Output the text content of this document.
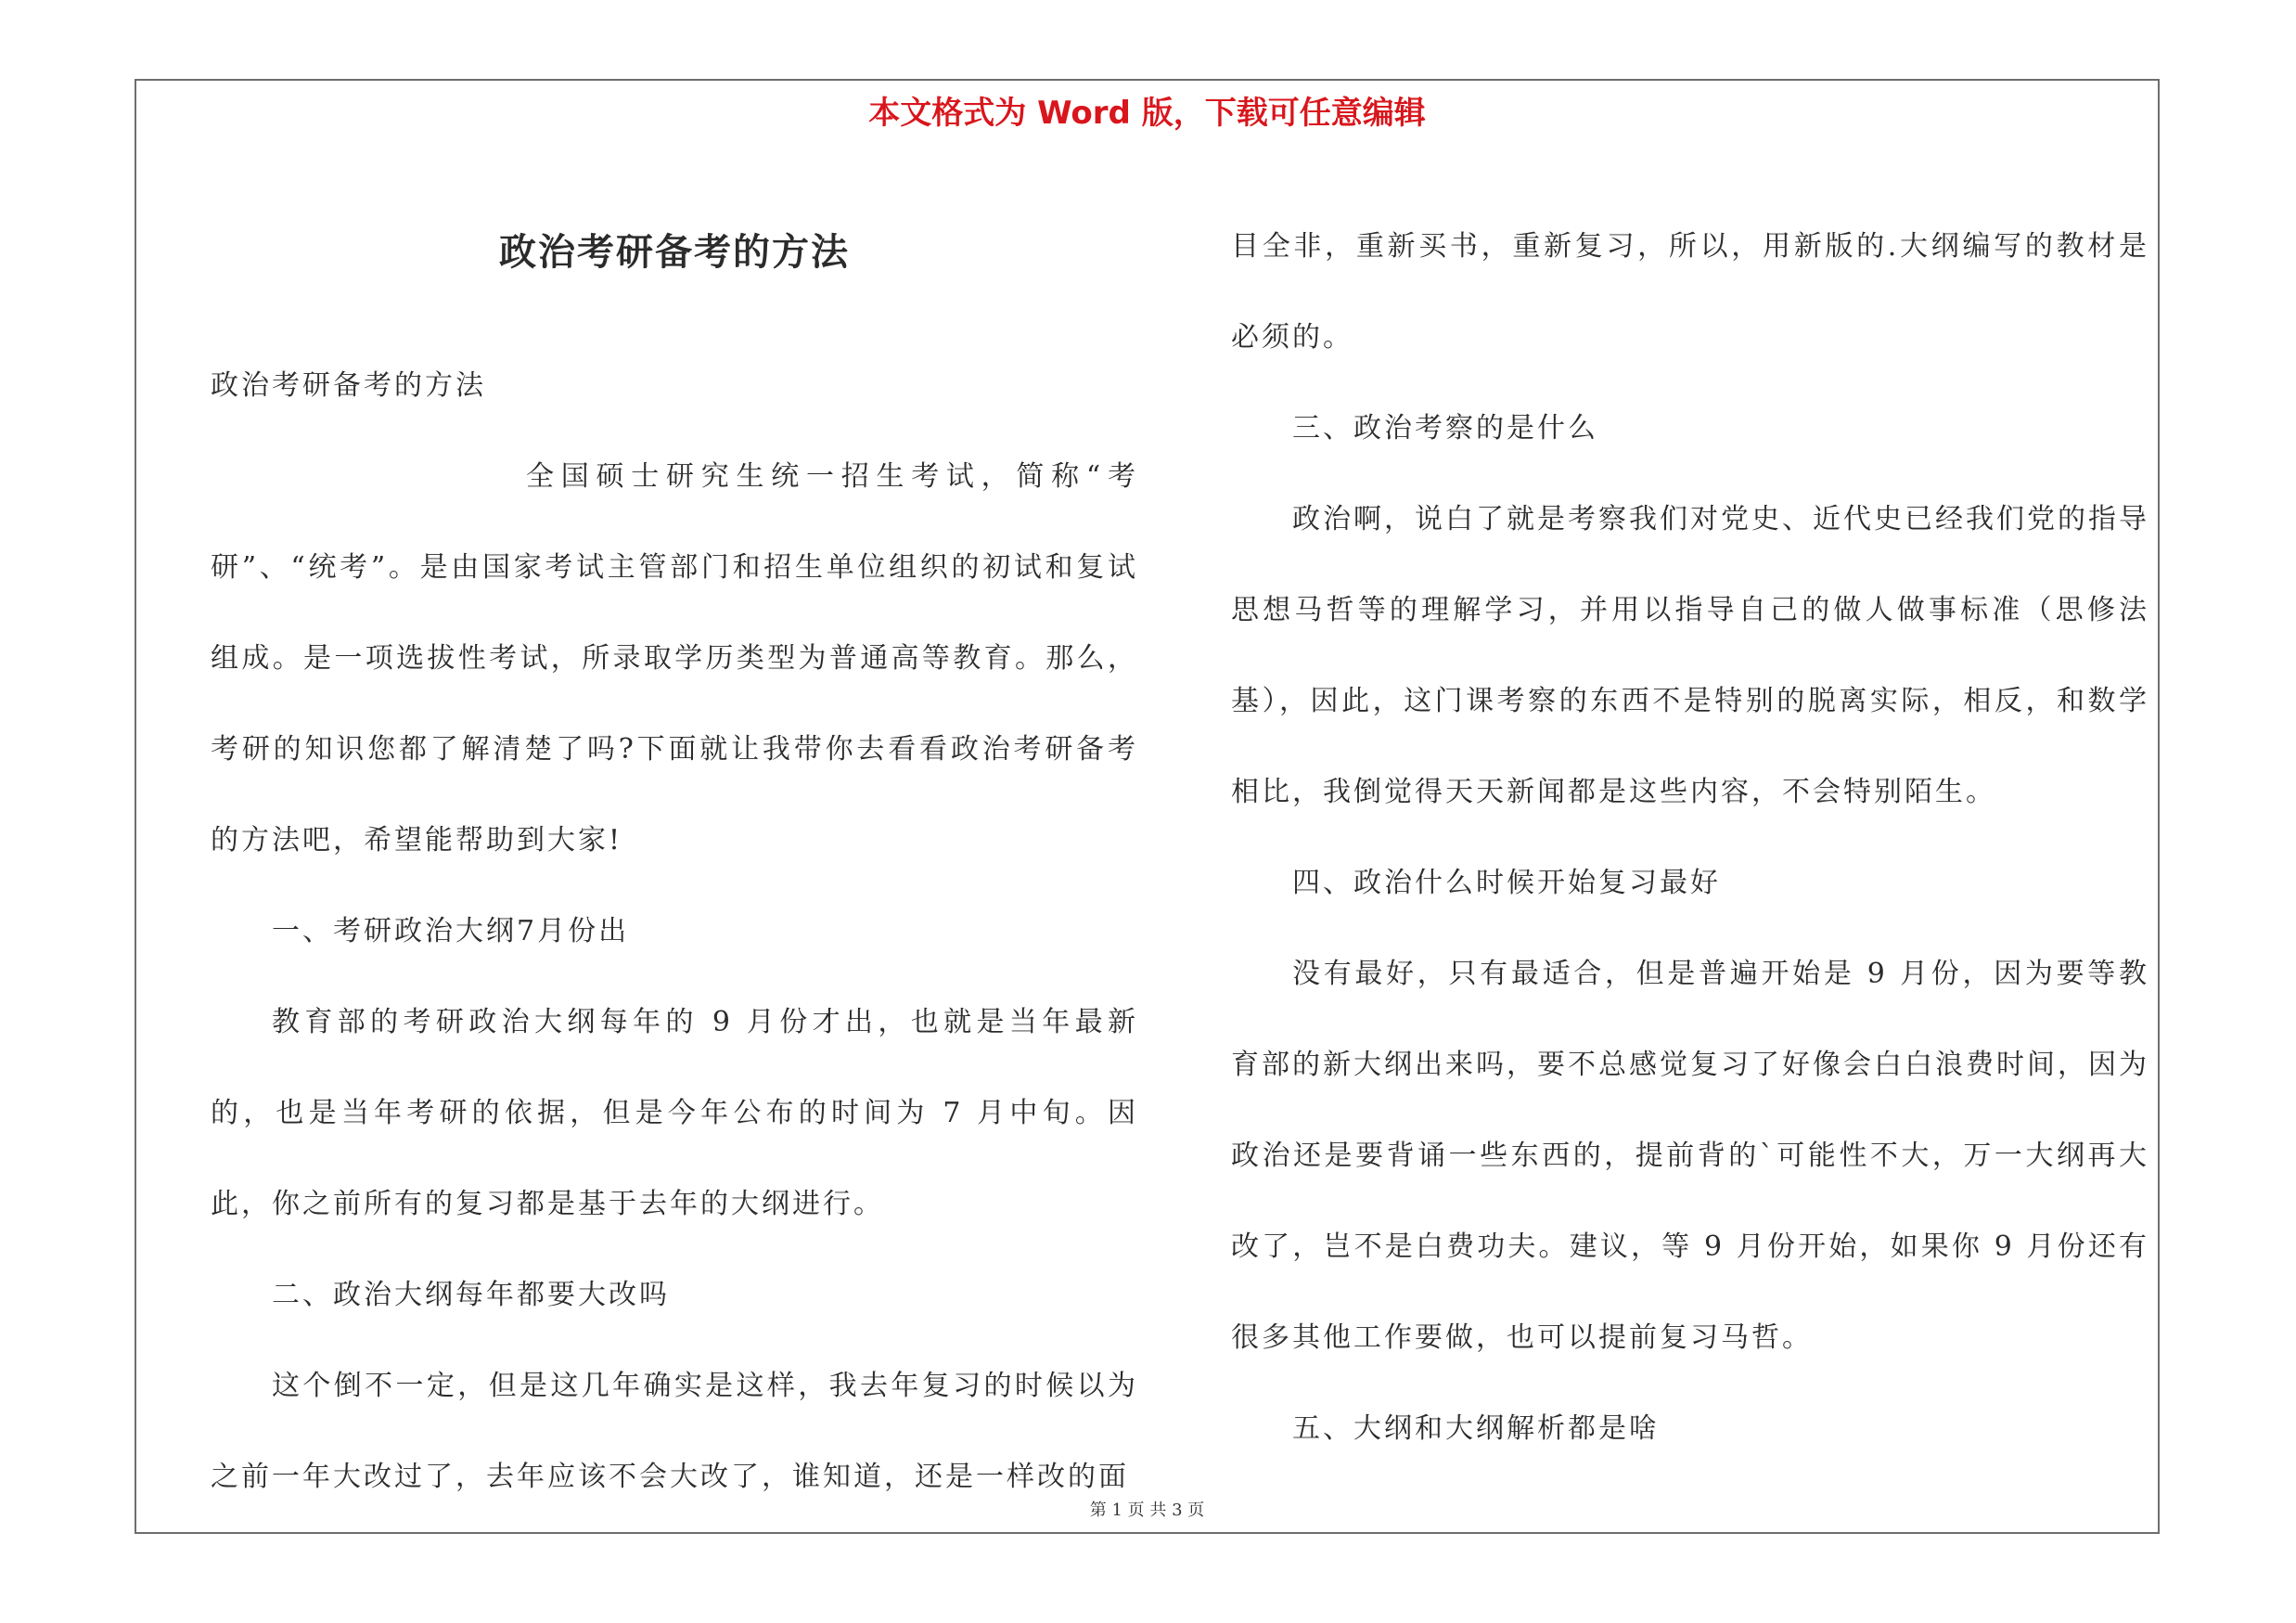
本文格式为 Word 版，下载可任意编辑
政治考研备考的方法

政治考研备考的方法

全国硕士研究生统一招生考试，简称“考研”、“统考”。是由国家考试主管部门和招生单位组织的初试和复试组成。是一项选拔性考试，所录取学历类型为普通高等教育。那么，考研的知识您都了解清楚了吗?下面就让我带你去看看政治考研备考的方法吧，希望能帮助到大家!

一、考研政治大纲7月份出

教育部的考研政治大纲每年的 9 月份才出，也就是当年最新的，也是当年考研的依据，但是今年公布的时间为 7 月中旬。因此，你之前所有的复习都是基于去年的大纲进行。

二、政治大纲每年都要大改吗

这个倒不一定，但是这几年确实是这样，我去年复习的时候以为之前一年大改过了，去年应该不会大改了，谁知道，还是一样改的面

目全非，重新买书，重新复习，所以，用新版的.大纲编写的教材是必须的。

三、政治考察的是什么

政治啊，说白了就是考察我们对党史、近代史已经我们党的指导思想马哲等的理解学习，并用以指导自己的做人做事标准（思修法基），因此，这门课考察的东西不是特别的脱离实际，相反，和数学相比，我倒觉得天天新闻都是这些内容，不会特别陌生。

四、政治什么时候开始复习最好

没有最好，只有最适合，但是普遍开始是 9 月份，因为要等教育部的新大纲出来吗，要不总感觉复习了好像会白白浪费时间，因为政治还是要背诵一些东西的，提前背的`可能性不大，万一大纲再大改了，岂不是白费功夫。建议，等 9 月份开始，如果你 9 月份还有很多其他工作要做，也可以提前复习马哲。

五、大纲和大纲解析都是啥

第 1 页 共 3 页
